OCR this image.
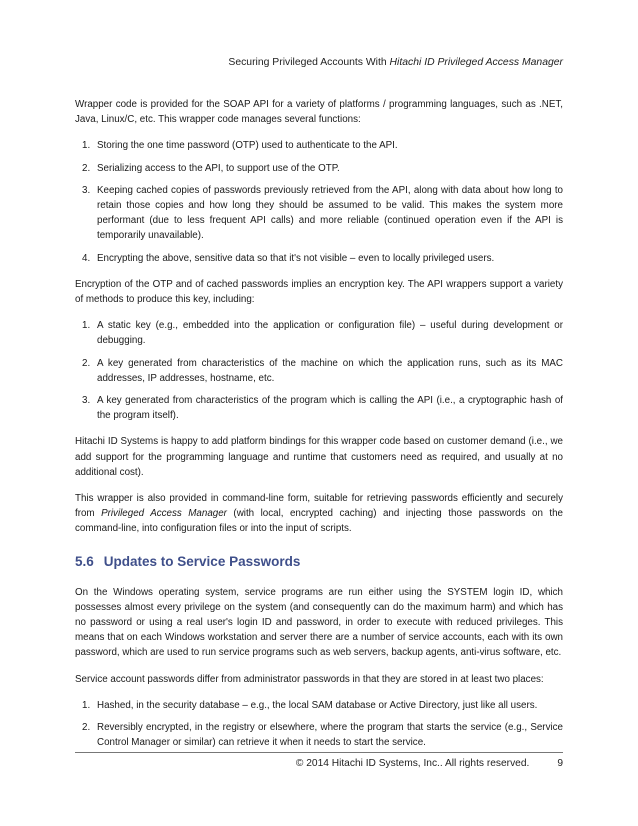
Securing Privileged Accounts With Hitachi ID Privileged Access Manager

Wrapper code is provided for the SOAP API for a variety of platforms / programming languages, such as .NET, Java, Linux/C, etc. This wrapper code manages several functions:

1. Storing the one time password (OTP) used to authenticate to the API.
2. Serializing access to the API, to support use of the OTP.
3. Keeping cached copies of passwords previously retrieved from the API, along with data about how long to retain those copies and how long they should be assumed to be valid. This makes the system more performant (due to less frequent API calls) and more reliable (continued operation even if the API is temporarily unavailable).
4. Encrypting the above, sensitive data so that it's not visible – even to locally privileged users.

Encryption of the OTP and of cached passwords implies an encryption key. The API wrappers support a variety of methods to produce this key, including:

1. A static key (e.g., embedded into the application or configuration file) – useful during development or debugging.
2. A key generated from characteristics of the machine on which the application runs, such as its MAC addresses, IP addresses, hostname, etc.
3. A key generated from characteristics of the program which is calling the API (i.e., a cryptographic hash of the program itself).

Hitachi ID Systems is happy to add platform bindings for this wrapper code based on customer demand (i.e., we add support for the programming language and runtime that customers need as required, and usually at no additional cost).

This wrapper is also provided in command-line form, suitable for retrieving passwords efficiently and securely from Privileged Access Manager (with local, encrypted caching) and injecting those passwords on the command-line, into configuration files or into the input of scripts.

5.6 Updates to Service Passwords

On the Windows operating system, service programs are run either using the SYSTEM login ID, which possesses almost every privilege on the system (and consequently can do the maximum harm) and which has no password or using a real user's login ID and password, in order to execute with reduced privileges. This means that on each Windows workstation and server there are a number of service accounts, each with its own password, which are used to run service programs such as web servers, backup agents, anti-virus software, etc.

Service account passwords differ from administrator passwords in that they are stored in at least two places:

1. Hashed, in the security database – e.g., the local SAM database or Active Directory, just like all users.
2. Reversibly encrypted, in the registry or elsewhere, where the program that starts the service (e.g., Service Control Manager or similar) can retrieve it when it needs to start the service.
© 2014 Hitachi ID Systems, Inc.. All rights reserved.	9
